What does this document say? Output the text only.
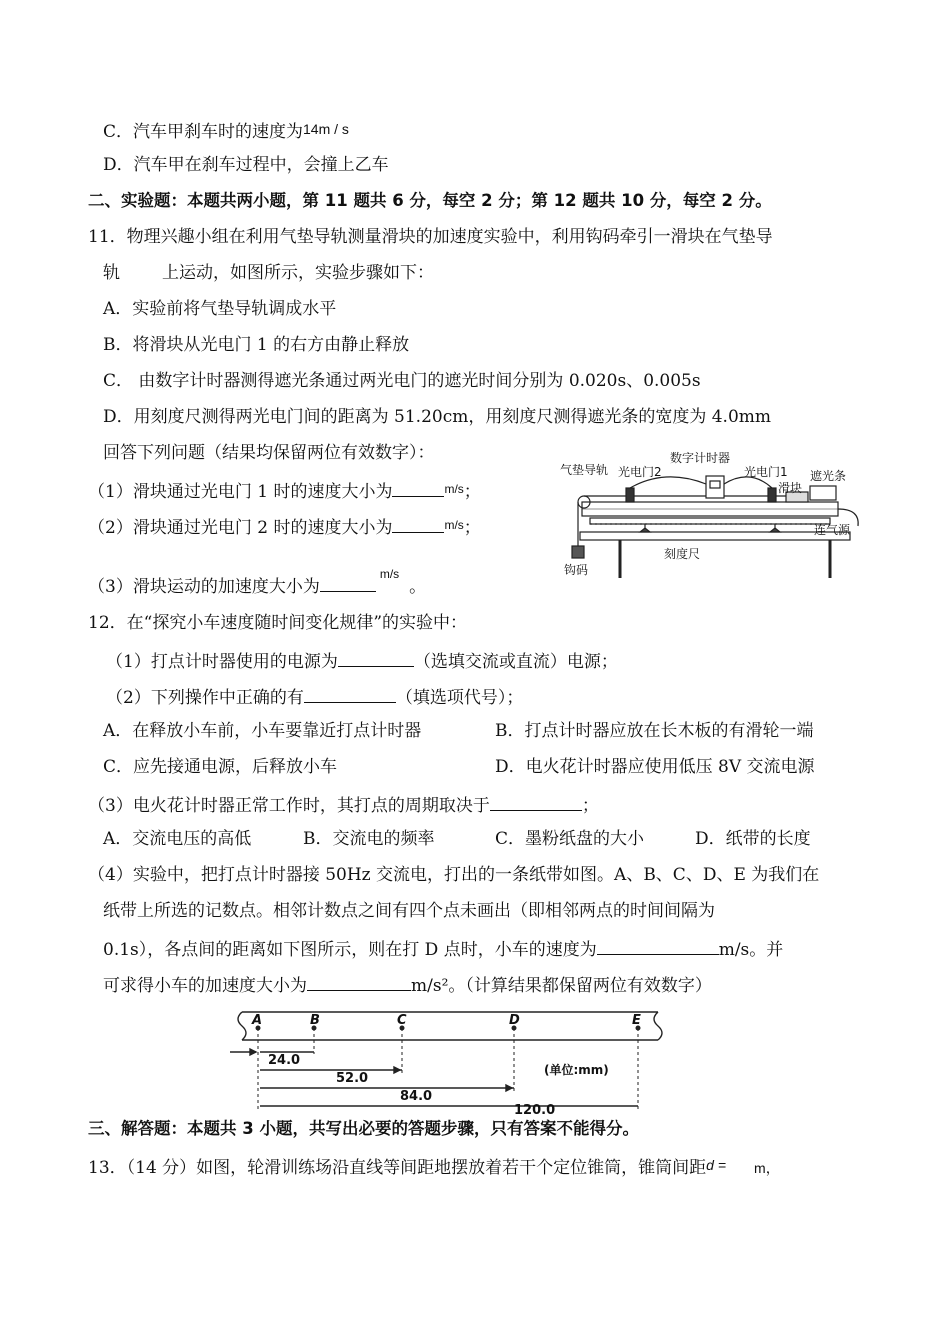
C．汽车甲刹车时的速度为14m / s
D．汽车甲在刹车过程中，会撞上乙车
二、实验题：本题共两小题，第 11 题共 6 分，每空 2 分；第 12 题共 10 分，每空 2 分。
11．物理兴趣小组在利用气垫导轨测量滑块的加速度实验中，利用钩码牵引一滑块在气垫导
轨 上运动，如图所示，实验步骤如下：
A．实验前将气垫导轨调成水平
B．将滑块从光电门 1 的右方由静止释放
C． 由数字计时器测得遮光条通过两光电门的遮光时间分别为 0.020s、0.005s
D．用刻度尺测得两光电门间的距离为 51.20cm，用刻度尺测得遮光条的宽度为 4.0mm
回答下列问题（结果均保留两位有效数字）：
（1）滑块通过光电门 1 时的速度大小为	$^{m/s}$；
（2）滑块通过光电门 2 时的速度大小为	$^{m/s}$；
（3）滑块运动的加速度大小为$^{m/s}$。
数字计时器
气垫导轨 光电门2	光电门1
滑块
遮光条
连气源
钩码
刻度尺
12．在“探究小车速度随时间变化规律”的实验中：
（1）打点计时器使用的电源为	（选填交流或直流）电源；
（2）下列操作中正确的有	（填选项代号）；
A．在释放小车前，小车要靠近打点计时器	B．打点计时器应放在长木板的有滑轮一端
C．应先接通电源，后释放小车	D．电火花计时器应使用低压 8V 交流电源
（3）电火花计时器正常工作时，其打点的周期取决于	；
A．交流电压的高低	B．交流电的频率	C．墨粉纸盘的大小	D．纸带的长度
（4）实验中，把打点计时器接 50Hz 交流电，打出的一条纸带如图。A、B、C、D、E 为我们在
纸带上所选的记数点。相邻计数点之间有四个点未画出（即相邻两点的时间间隔为
0.1s），各点间的距离如下图所示，则在打 D 点时，小车的速度为	m/s。并
可求得小车的加速度大小为	m/s²。（计算结果都保留两位有效数字）
A	B	C	D	E
24.0
52.0
84.0
120.0
(单位:mm)
三、解答题：本题共 3 小题，共写出必要的答题步骤，只有答案不能得分。
13．（14 分）如图，轮滑训练场沿直线等间距地摆放着若干个定位锥筒，锥筒间距d = m，
